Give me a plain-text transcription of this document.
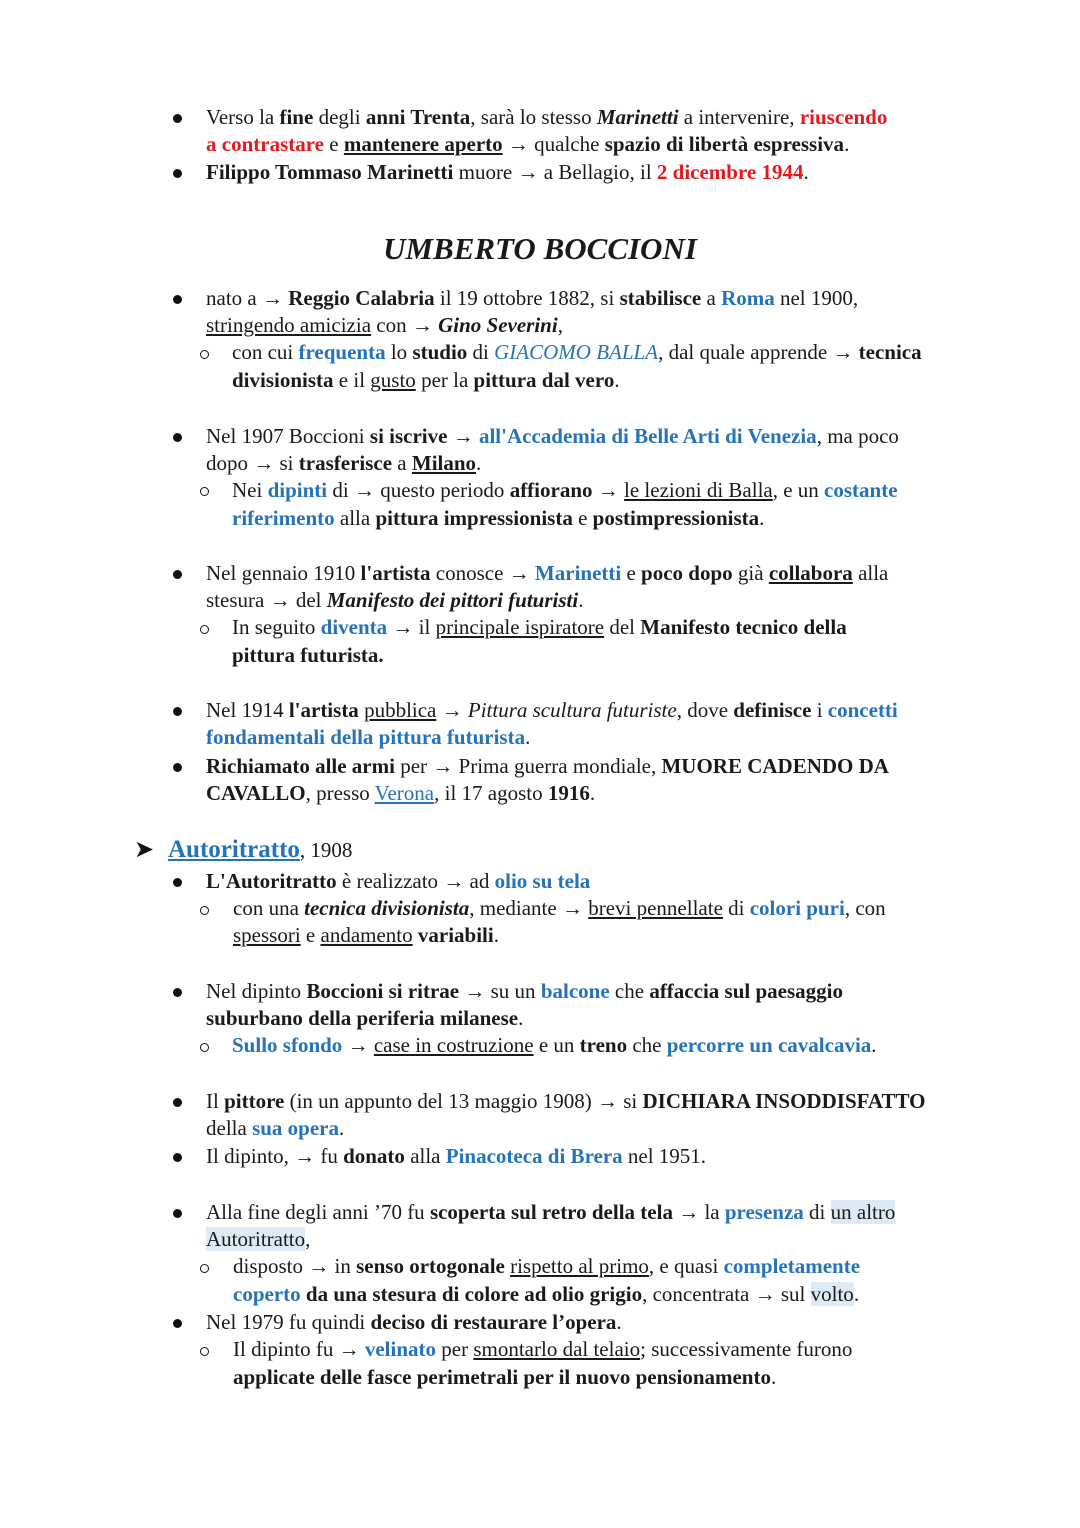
Verso la fine degli anni Trenta, sarà lo stesso Marinetti a intervenire, riuscendo
a contrastare e mantenere aperto → qualche spazio di libertà espressiva.
Filippo Tommaso Marinetti muore → a Bellagio, il 2 dicembre 1944.
UMBERTO BOCCIONI
nato a → Reggio Calabria il 19 ottobre 1882, si stabilisce a Roma nel 1900,
stringendo amicizia con → Gino Severini,
con cui frequenta lo studio di GIACOMO BALLA, dal quale apprende → tecnica
divisionista e il gusto per la pittura dal vero.
Nel 1907 Boccioni si iscrive → all'Accademia di Belle Arti di Venezia, ma poco
dopo → si trasferisce a Milano.
Nei dipinti di → questo periodo affiorano → le lezioni di Balla, e un costante
riferimento alla pittura impressionista e postimpressionista.
Nel gennaio 1910 l'artista conosce → Marinetti e poco dopo già collabora alla
stesura → del Manifesto dei pittori futuristi.
In seguito diventa → il principale ispiratore del Manifesto tecnico della
pittura futurista.
Nel 1914 l'artista pubblica → Pittura scultura futuriste, dove definisce i concetti
fondamentali della pittura futurista.
Richiamato alle armi per → Prima guerra mondiale, MUORE CADENDO DA
CAVALLO, presso Verona, il 17 agosto 1916.
➤ Autoritratto, 1908
L'Autoritratto è realizzato → ad olio su tela
con una tecnica divisionista, mediante → brevi pennellate di colori puri, con
spessori e andamento variabili.
Nel dipinto Boccioni si ritrae → su un balcone che affaccia sul paesaggio
suburbano della periferia milanese.
Sullo sfondo → case in costruzione e un treno che percorre un cavalcavia.
Il pittore (in un appunto del 13 maggio 1908) → si DICHIARA INSODDISFATTO
della sua opera.
Il dipinto, → fu donato alla Pinacoteca di Brera nel 1951.
Alla fine degli anni ’70 fu scoperta sul retro della tela → la presenza di un altro
Autoritratto,
disposto → in senso ortogonale rispetto al primo, e quasi completamente
coperto da una stesura di colore ad olio grigio, concentrata → sul volto.
Nel 1979 fu quindi deciso di restaurare l’opera.
Il dipinto fu → velinato per smontarlo dal telaio; successivamente furono
applicate delle fasce perimetrali per il nuovo pensionamento.
